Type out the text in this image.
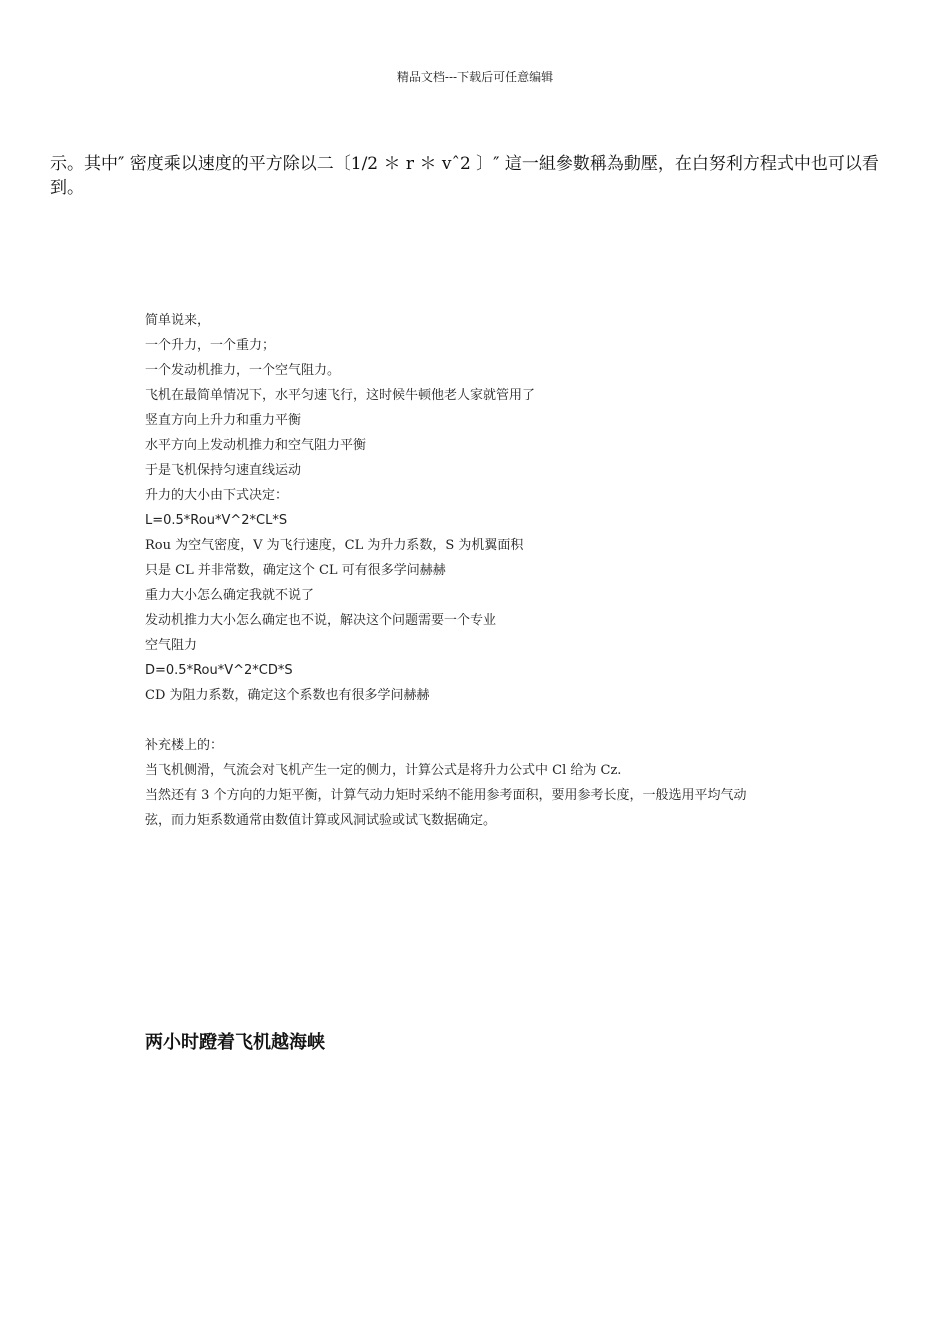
精品文档---下载后可任意编辑
示。其中″ 密度乘以速度的平方除以二〔1/2 ＊ r ＊ vˆ2 〕″ 這一組參數稱為動壓，在白努利方程式中也可以看到。
简单说来，
一个升力，一个重力；
一个发动机推力，一个空气阻力。
飞机在最简单情况下，水平匀速飞行，这时候牛顿他老人家就管用了
竖直方向上升力和重力平衡
水平方向上发动机推力和空气阻力平衡
于是飞机保持匀速直线运动
升力的大小由下式决定：
L=0.5*Rou*V^2*CL*S
Rou 为空气密度，V 为飞行速度，CL 为升力系数，S 为机翼面积
只是 CL 并非常数，确定这个 CL 可有很多学问赫赫
重力大小怎么确定我就不说了
发动机推力大小怎么确定也不说，解决这个问题需要一个专业
空气阻力
D=0.5*Rou*V^2*CD*S
CD 为阻力系数，确定这个系数也有很多学问赫赫
补充楼上的：
当飞机侧滑，气流会对飞机产生一定的侧力，计算公式是将升力公式中 Cl 给为 Cz.
当然还有 3 个方向的力矩平衡，计算气动力矩时采纳不能用参考面积，要用参考长度，一般选用平均气动
弦，而力矩系数通常由数值计算或风洞试验或试飞数据确定。
两小时蹬着飞机越海峡
